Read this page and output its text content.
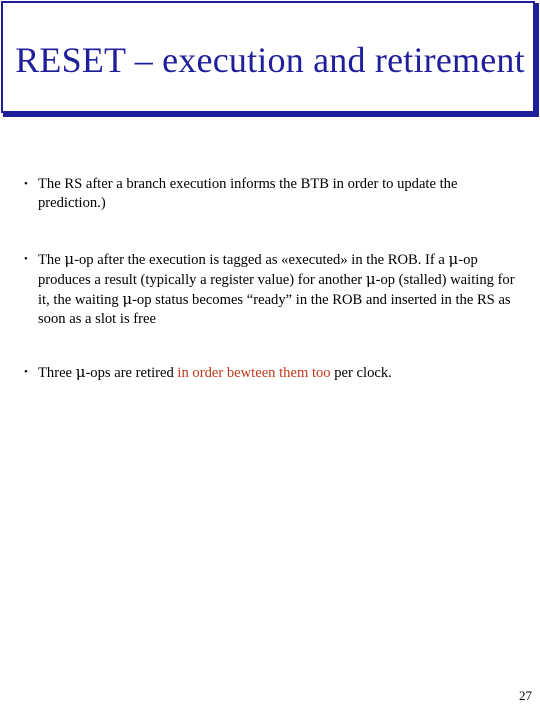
RESET – execution and retirement
• The RS after a branch execution informs the BTB in order to update the prediction.)
• The μ-op after the execution is tagged as «executed» in the ROB. If a μ-op produces a result (typically a register value) for another μ-op (stalled) waiting for it, the waiting μ-op status becomes “ready” in the ROB and inserted in the RS as soon as a slot is free
• Three μ-ops are retired in order bewteen them too per clock.
27
